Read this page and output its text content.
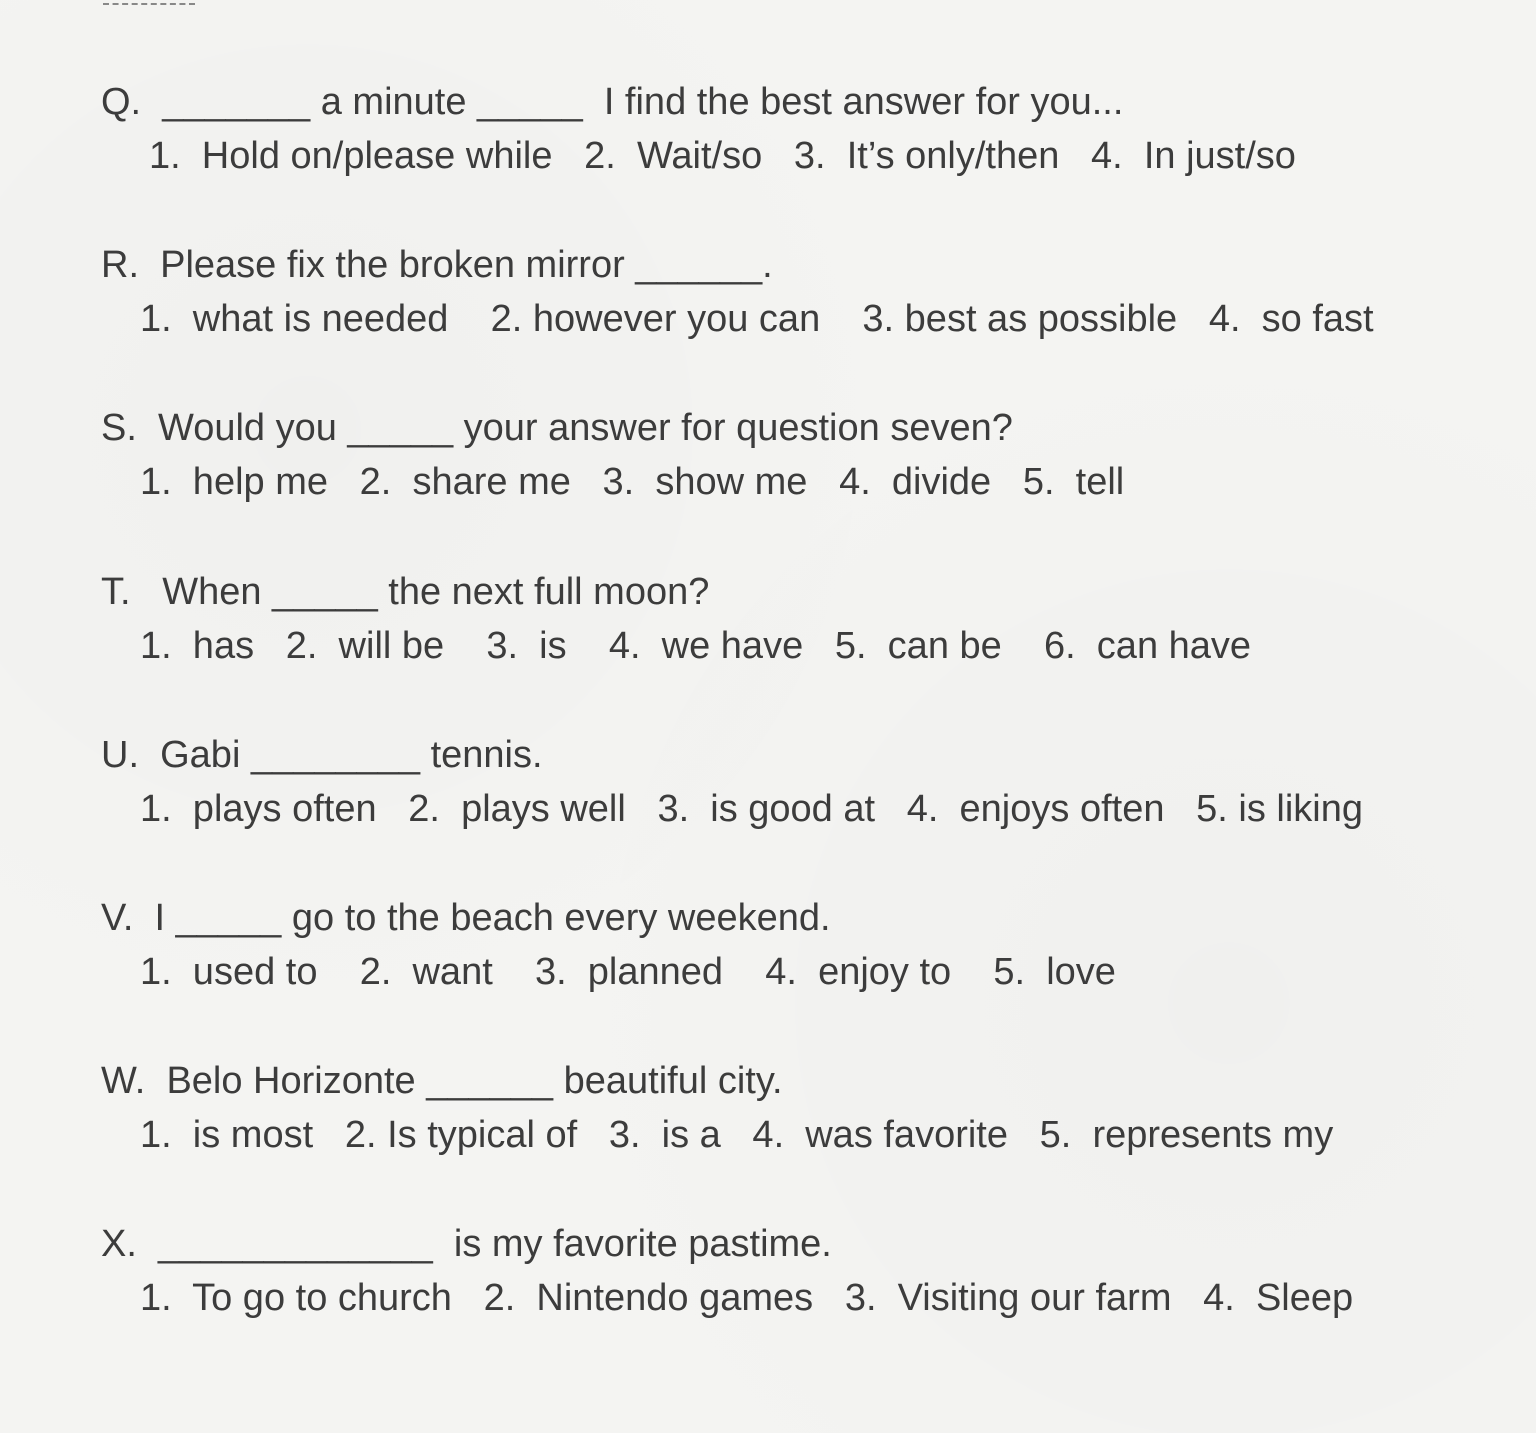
Q.  _______ a minute _____  I find the best answer for you...
1.  Hold on/please while   2.  Wait/so   3.  It’s only/then   4.  In just/so
R.  Please fix the broken mirror ______.
1.  what is needed    2. however you can    3. best as possible   4.  so fast
S.  Would you _____ your answer for question seven?
1.  help me   2.  share me   3.  show me   4.  divide   5.  tell
T.   When _____ the next full moon?
1.  has   2.  will be    3.  is    4.  we have   5.  can be    6.  can have
U.  Gabi ________ tennis.
1.  plays often   2.  plays well   3.  is good at   4.  enjoys often   5. is liking
V.  I _____ go to the beach every weekend.
1.  used to    2.  want    3.  planned    4.  enjoy to    5.  love
W.  Belo Horizonte ______ beautiful city.
1.  is most   2. Is typical of   3.  is a   4.  was favorite   5.  represents my
X.  _____________  is my favorite pastime.
1.  To go to church   2.  Nintendo games   3.  Visiting our farm   4.  Sleep
